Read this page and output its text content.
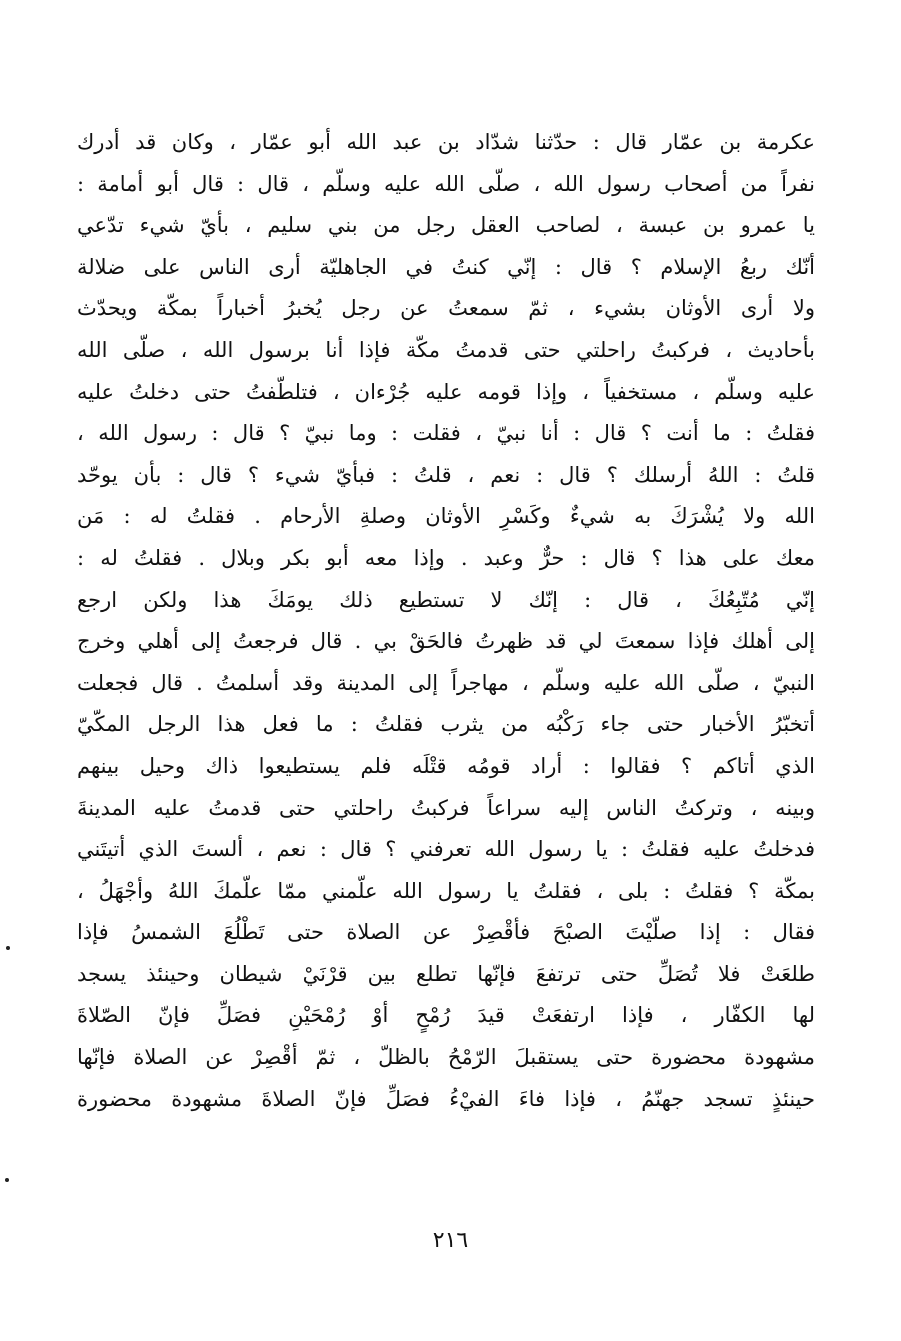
عكرمة بن عمّار قال : حدّثنا شدّاد بن عبد الله أبو عمّار ، وكان قد أدرك
نفراً من أصحاب رسول الله ، صلّى الله عليه وسلّم ، قال : قال أبو أمامة :
يا عمرو بن عبسة ، لصاحب العقل رجل من بني سليم ، بأيّ شيء تدّعي
أنّك ربعُ الإسلام ؟ قال : إنّي كنتُ في الجاهليّة أرى الناس على ضلالة
ولا أرى الأوثان بشيء ، ثمّ سمعتُ عن رجل يُخبرُ أخباراً بمكّة ويحدّث
بأحاديث ، فركبتُ راحلتي حتى قدمتُ مكّة فإذا أنا برسول الله ، صلّى الله
عليه وسلّم ، مستخفياً ، وإذا قومه عليه جُرْءان ، فتلطّفتُ حتى دخلتُ عليه
فقلتُ : ما أنت ؟ قال : أنا نبيّ ، فقلت : وما نبيّ ؟ قال : رسول الله ،
قلتُ : اللهُ أرسلك ؟ قال : نعم ، قلتُ : فبأيّ شيء ؟ قال : بأن يوحّد
الله ولا يُشْرَكَ به شيءٌ وكَسْرِ الأوثان وصلةِ الأرحام . فقلتُ له : مَن
معك على هذا ؟ قال : حرٌّ وعبد . وإذا معه أبو بكر وبلال . فقلتُ له :
إنّي مُتّبِعُكَ ، قال : إنّك لا تستطيع ذلك يومَكَ هذا ولكن ارجع
إلى أهلك فإذا سمعتَ لي قد ظهرتُ فالحَقْ بي . قال فرجعتُ إلى أهلي وخرج
النبيّ ، صلّى الله عليه وسلّم ، مهاجراً إلى المدينة وقد أسلمتُ . قال فجعلت
أتخبّرُ الأخبار حتى جاء رَكْبُه من يثرب فقلتُ : ما فعل هذا الرجل المكّيّ
الذي أتاكم ؟ فقالوا : أراد قومُه قتْلَه فلم يستطيعوا ذاك وحيل بينهم
وبينه ، وتركتُ الناس إليه سراعاً فركبتُ راحلتي حتى قدمتُ عليه المدينةَ
فدخلتُ عليه فقلتُ : يا رسول الله تعرفني ؟ قال : نعم ، ألستَ الذي أتيتَني
بمكّة ؟ فقلتُ : بلى ، فقلتُ يا رسول الله علّمني ممّا علّمكَ اللهُ وأجْهَلُ ،
فقال : إذا صلّيْتَ الصبْحَ فأقْصِرْ عن الصلاة حتى تَطْلُعَ الشمسُ فإذا
طلعَتْ فلا تُصَلِّ حتى ترتفعَ فإنّها تطلع بين قرْنَيْ شيطان وحينئذ يسجد
لها الكفّار ، فإذا ارتفعَتْ قيدَ رُمْحٍ أوْ رُمْحَيْنِ فصَلِّ فإنّ الصّلاةَ
مشهودة محضورة حتى يستقبلَ الرّمْحُ بالظلّ ، ثمّ أقْصِرْ عن الصلاة فإنّها
حينئذٍ تسجد جهنّمُ ، فإذا فاءَ الفيْءُ فصَلِّ فإنّ الصلاةَ مشهودة محضورة
٢١٦
